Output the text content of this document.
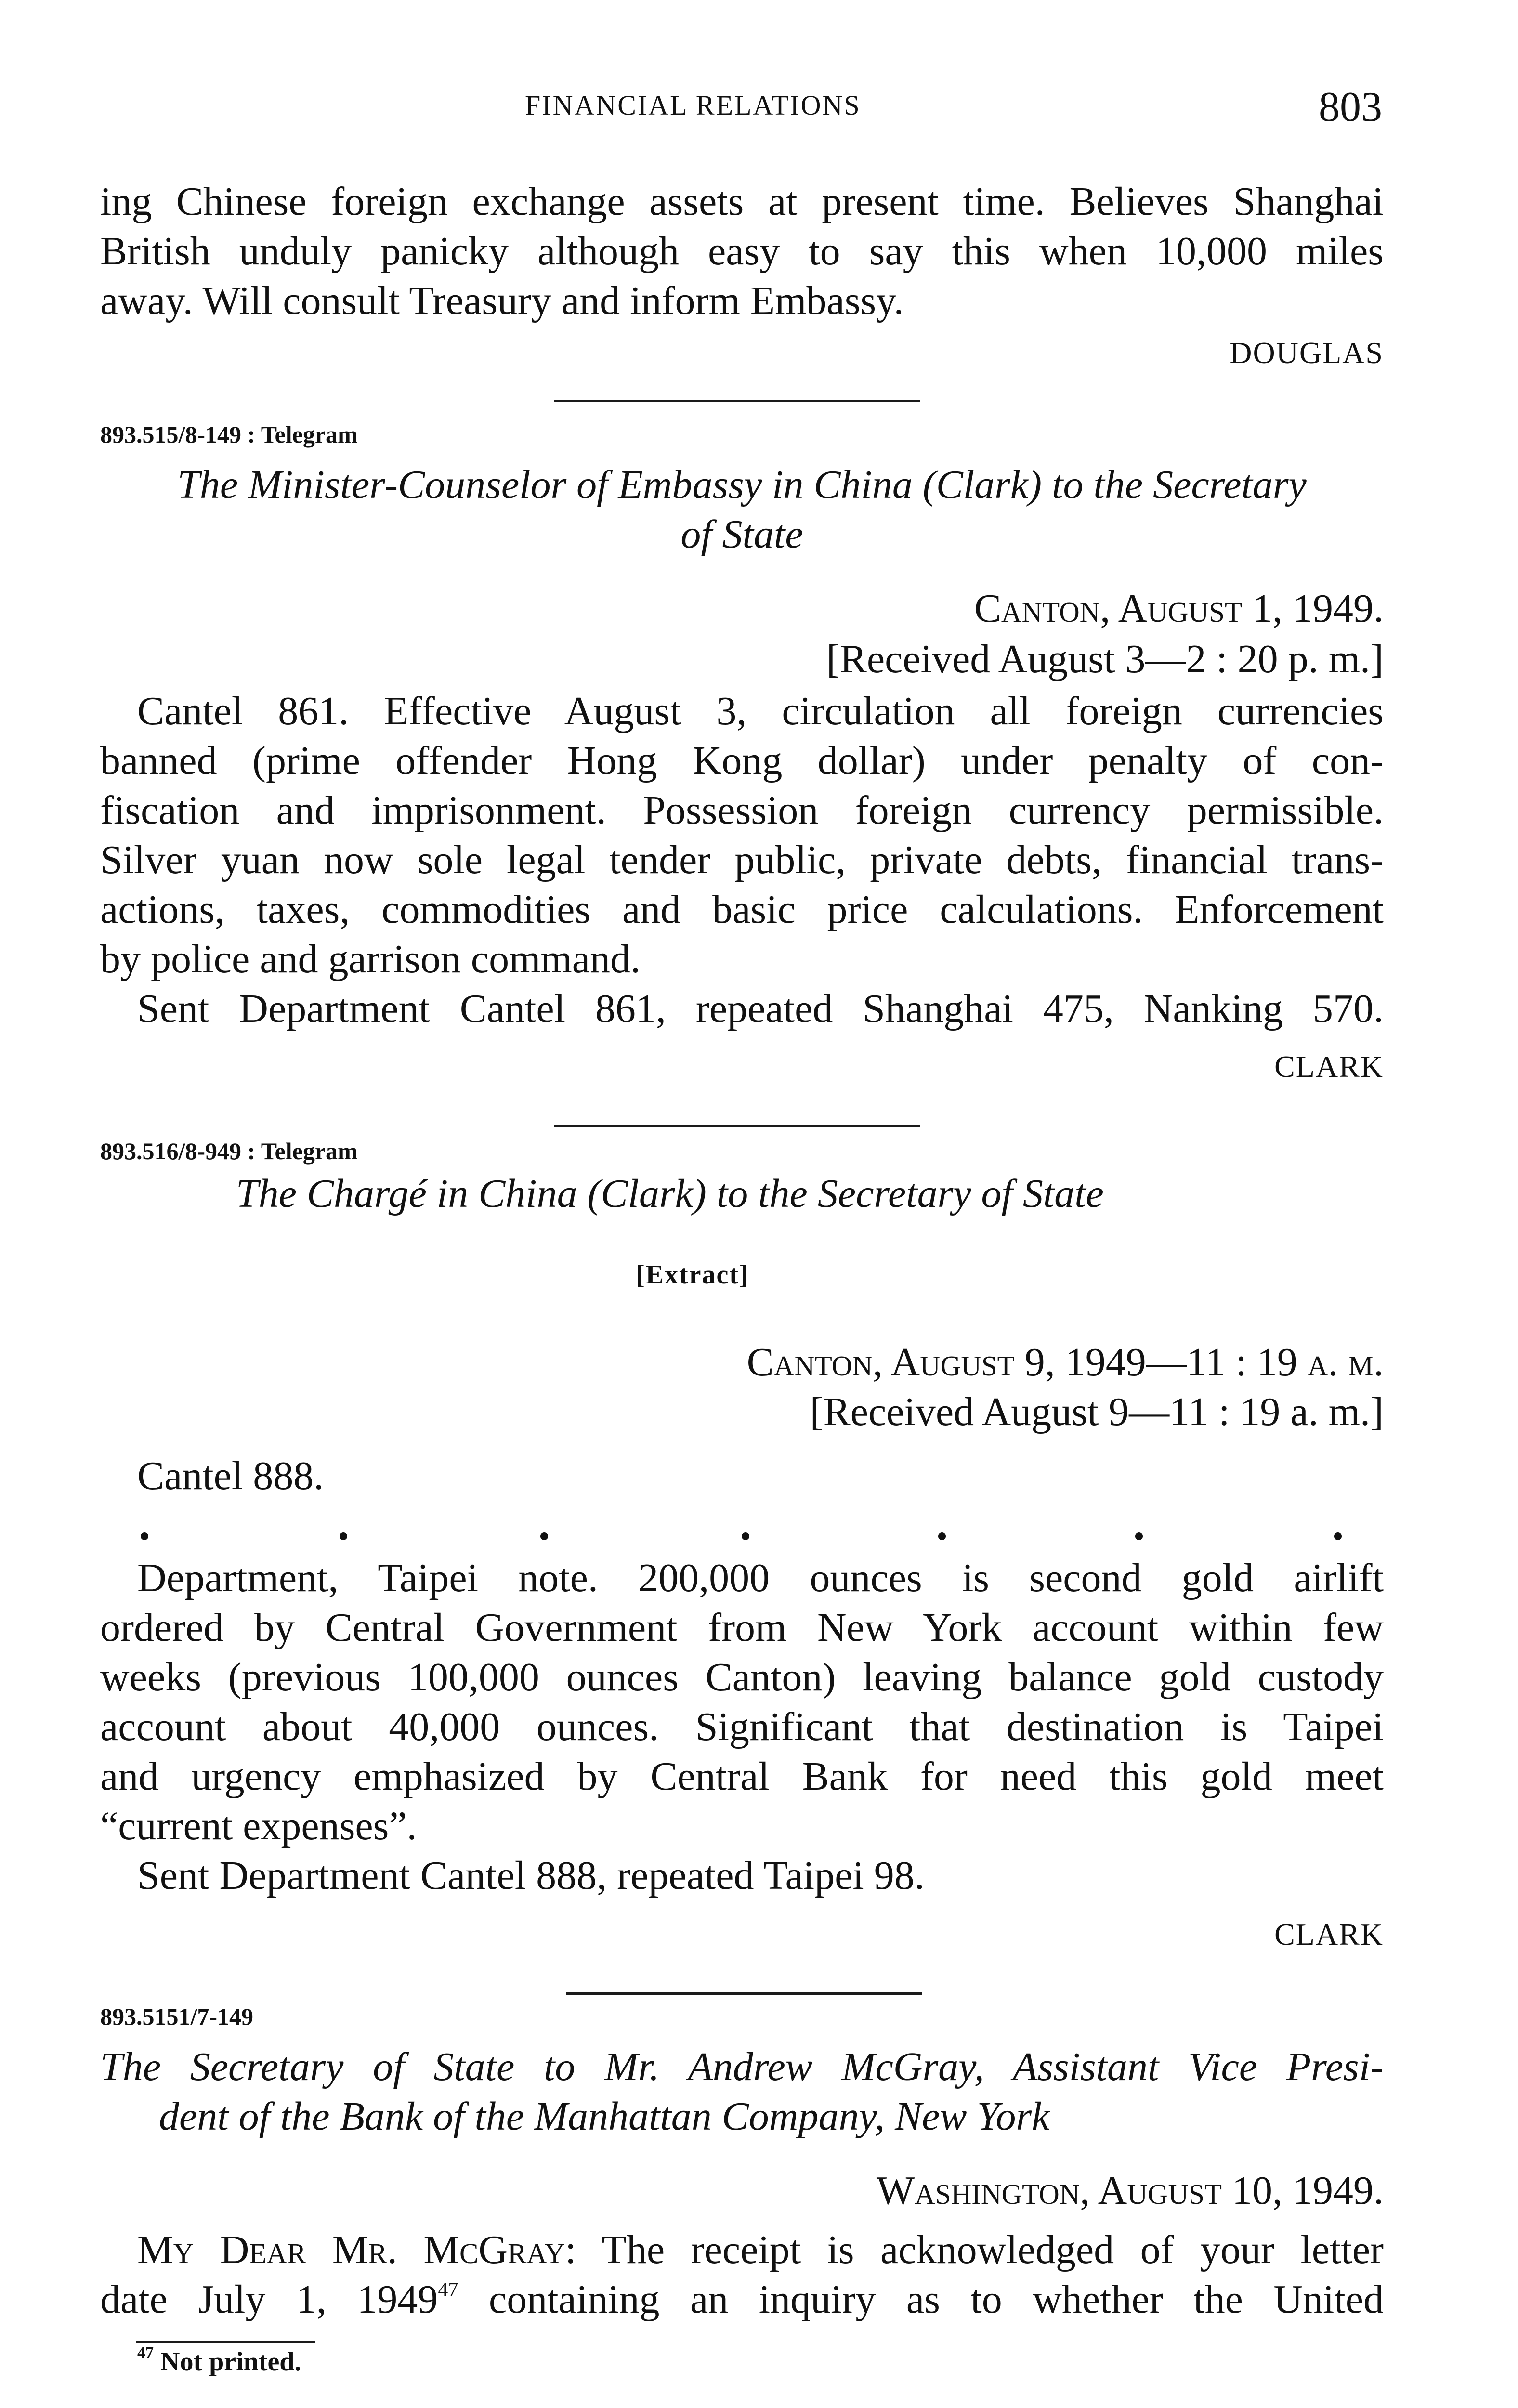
FINANCIAL RELATIONS	803
ing Chinese foreign exchange assets at present time. Believes Shanghai
British unduly panicky although easy to say this when 10,000 miles
away. Will consult Treasury and inform Embassy.
DOUGLAS
893.515/8-149 : Telegram
The Minister-Counselor of Embassy in China (Clark) to the Secretary
of State
Canton, August 1, 1949.
[Received August 3—2 : 20 p. m.]
Cantel 861. Effective August 3, circulation all foreign currencies
banned (prime offender Hong Kong dollar) under penalty of con-
fiscation and imprisonment. Possession foreign currency permissible.
Silver yuan now sole legal tender public, private debts, financial trans-
actions, taxes, commodities and basic price calculations. Enforcement
by police and garrison command.
Sent Department Cantel 861, repeated Shanghai 475, Nanking 570.
CLARK
893.516/8-949 : Telegram
The Chargé in China (Clark) to the Secretary of State
[Extract]
Canton, August 9, 1949—11 : 19 a. m.
[Received August 9—11 : 19 a. m.]
Cantel 888.
Department, Taipei note. 200,000 ounces is second gold airlift
ordered by Central Government from New York account within few
weeks (previous 100,000 ounces Canton) leaving balance gold custody
account about 40,000 ounces. Significant that destination is Taipei
and urgency emphasized by Central Bank for need this gold meet
“current expenses”.
Sent Department Cantel 888, repeated Taipei 98.
CLARK
893.5151/7-149
The Secretary of State to Mr. Andrew McGray, Assistant Vice Presi-
dent of the Bank of the Manhattan Company, New York
Washington, August 10, 1949.
My Dear Mr. McGray: The receipt is acknowledged of your letter
date July 1, 1949$^{47}$ containing an inquiry as to whether the United
$^{47}$ Not printed.
